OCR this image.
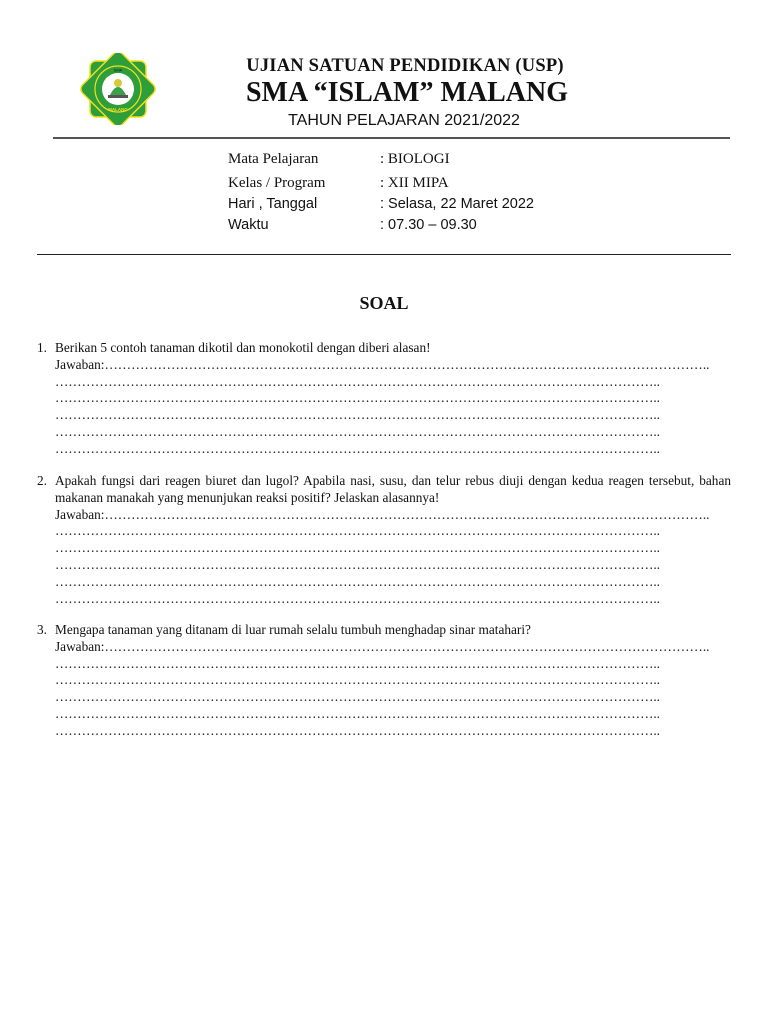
SMA
MALANG
UJIAN SATUAN PENDIDIKAN (USP)
SMA “ISLAM” MALANG
TAHUN PELAJARAN 2021/2022
Mata Pelajaran	: BIOLOGI
Kelas / Program	: XII MIPA
Hari , Tanggal	: Selasa, 22 Maret 2022
Waktu	: 07.30 – 09.30
SOAL
1. Berikan 5 contoh tanaman dikotil dan monokotil dengan diberi alasan!
Jawaban:………………………………………………………………………………………………………………………..
………………………………………………………………………………………………………………………..
………………………………………………………………………………………………………………………..
………………………………………………………………………………………………………………………..
………………………………………………………………………………………………………………………..
………………………………………………………………………………………………………………………..
2. Apakah fungsi dari reagen biuret dan lugol? Apabila nasi, susu, dan telur rebus diuji dengan kedua reagen tersebut, bahan makanan manakah yang menunjukan reaksi positif? Jelaskan alasannya!
Jawaban:………………………………………………………………………………………………………………………..
………………………………………………………………………………………………………………………..
………………………………………………………………………………………………………………………..
………………………………………………………………………………………………………………………..
………………………………………………………………………………………………………………………..
………………………………………………………………………………………………………………………..
3. Mengapa tanaman yang ditanam di luar rumah selalu tumbuh menghadap sinar matahari?
Jawaban:………………………………………………………………………………………………………………………..
………………………………………………………………………………………………………………………..
………………………………………………………………………………………………………………………..
………………………………………………………………………………………………………………………..
………………………………………………………………………………………………………………………..
………………………………………………………………………………………………………………………..
